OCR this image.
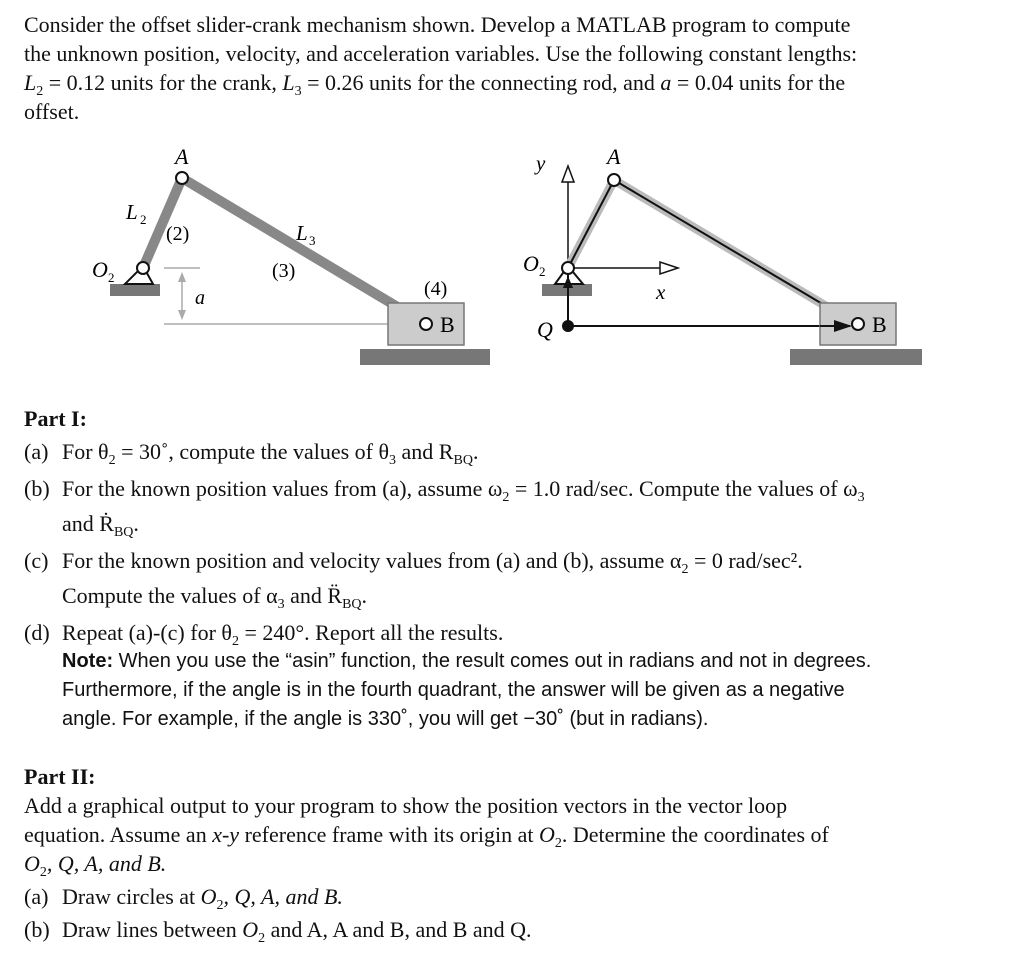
Consider the offset slider-crank mechanism shown. Develop a MATLAB program to compute
the unknown position, velocity, and acceleration variables. Use the following constant lengths:
$L_2 = 0.12$ units for the crank, $L_3 = 0.26$ units for the connecting rod, and a = 0.04 units for the
offset.
A
L 2
(2)	L 3
(3)
O 2
a	(4)
B
y	A
O 2
x
Q	B
Part I:
(a) For $\theta_2$ = 30˚, compute the values of $\theta_3$ and $R_{BQ}$.
(b) For the known position values from (a), assume $\omega_2 = 1.0$ rad/sec. Compute the values of $\omega_3$
and Ṙ$_{BQ}$.
(c) For the known position and velocity values from (a) and (b), assume $\alpha_2 = 0$ rad/sec².
Compute the values of $\alpha_3$ and $R̈_{BQ}$.
(d) Repeat (a)-(c) for $\theta_2 = 240^\circ$. Report all the results.
Note: When you use the “asin” function, the result comes out in radians and not in degrees.
Furthermore, if the angle is in the fourth quadrant, the answer will be given as a negative
angle. For example, if the angle is 330˚, you will get −30˚ (but in radians).
Part II:
Add a graphical output to your program to show the position vectors in the vector loop
equation. Assume an x-y reference frame with its origin at $O_2$. Determine the coordinates of
$O_2$, Q, A, and B.
(a) Draw circles at $O_2$, Q, A, and B.
(b) Draw lines between $O_2$ and A, A and B, and B and Q.
